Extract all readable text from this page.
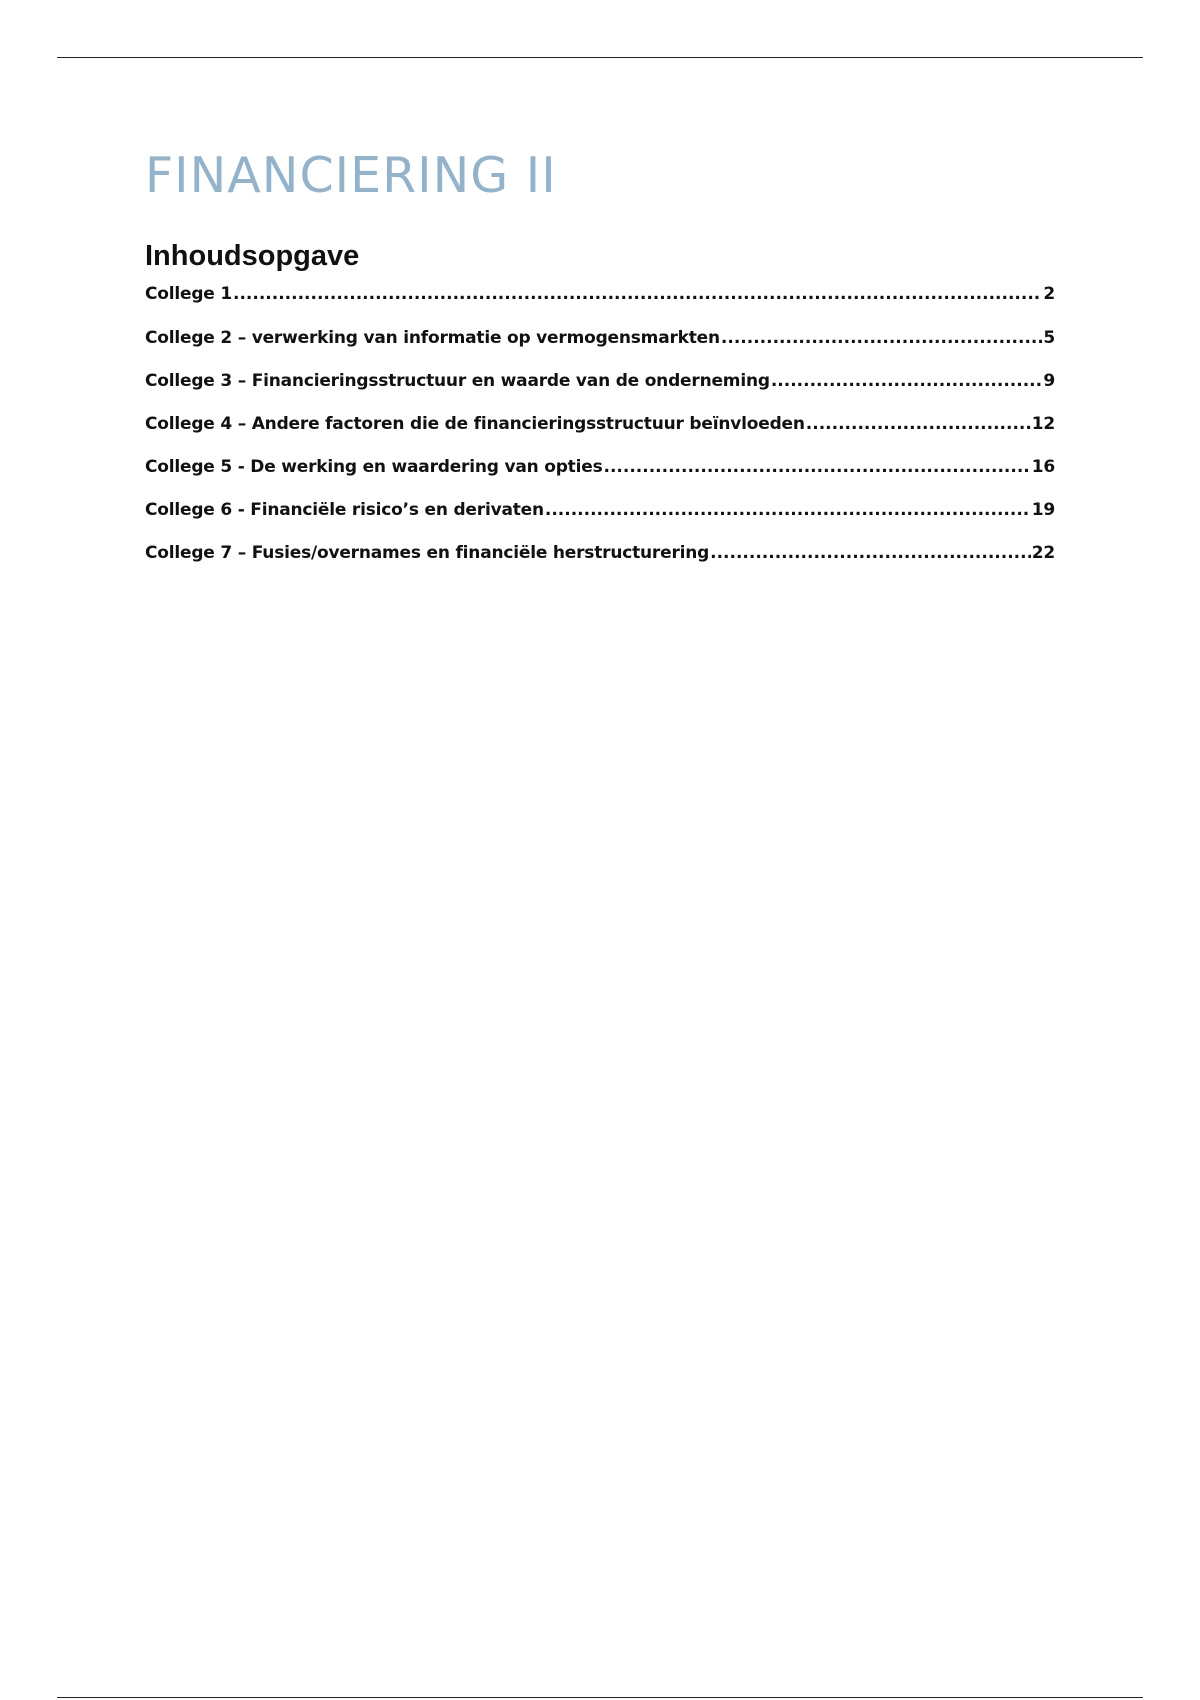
FINANCIERING II
Inhoudsopgave
College 1 .....	2
College 2 – verwerking van informatie op vermogensmarkten .....	5
College 3 – Financieringsstructuur en waarde van de onderneming .....	9
College 4 – Andere factoren die de financieringsstructuur beïnvloeden .....	12
College 5 - De werking en waardering van opties .....	16
College 6 - Financiële risico’s en derivaten .....	19
College 7 – Fusies/overnames en financiële herstructurering .....	22
